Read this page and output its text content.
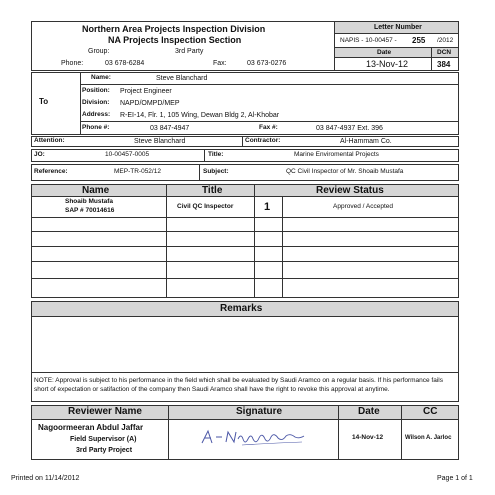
Northern Area Projects Inspection Division
NA Projects Inspection Section
Group:	3rd Party
Phone:	03 678-6284	Fax:	03 673-0276
Letter Number
NAPIS - 10-00457 - 255 /2012
Date	DCN
13-Nov-12	384
To
Name:	Steve Blanchard
Position: Project Engineer
Division: NAPD/OMPD/MEP
Address: R-EI-14, Flr. 1, 105 Wing, Dewan Bldg 2, Al-Khobar
Phone #:	03 847-4947	Fax #:	03 847-4937 Ext. 396
Attention:	Steve Blanchard	Contractor:	Al-Hammam Co.
JO:	10-00457-0005	Title:	Marine Enviromental Projects
Reference:	MEP-TR-052/12	Subject:	QC Civil Inspector of Mr. Shoaib Mustafa
Name	Title	Review Status
Shoaib Mustafa
SAP # 70014616
Civil QC Inspector	1	Approved / Accepted
Remarks
NOTE: Approval is subject to his performance in the field which shall be evaluated by Saudi Aramco on a regular basis. If his performance fails short of expectation or satifaction of the company then Saudi Aramco shall have the right to revoke this approval at anytime.
Reviewer Name	Signature	Date	CC
Nagoormeeran Abdul Jaffar
Field Supervisor (A)
3rd Party Project
14-Nov-12	Wilson A. Jarloc
Printed on 11/14/2012	Page 1 of 1
